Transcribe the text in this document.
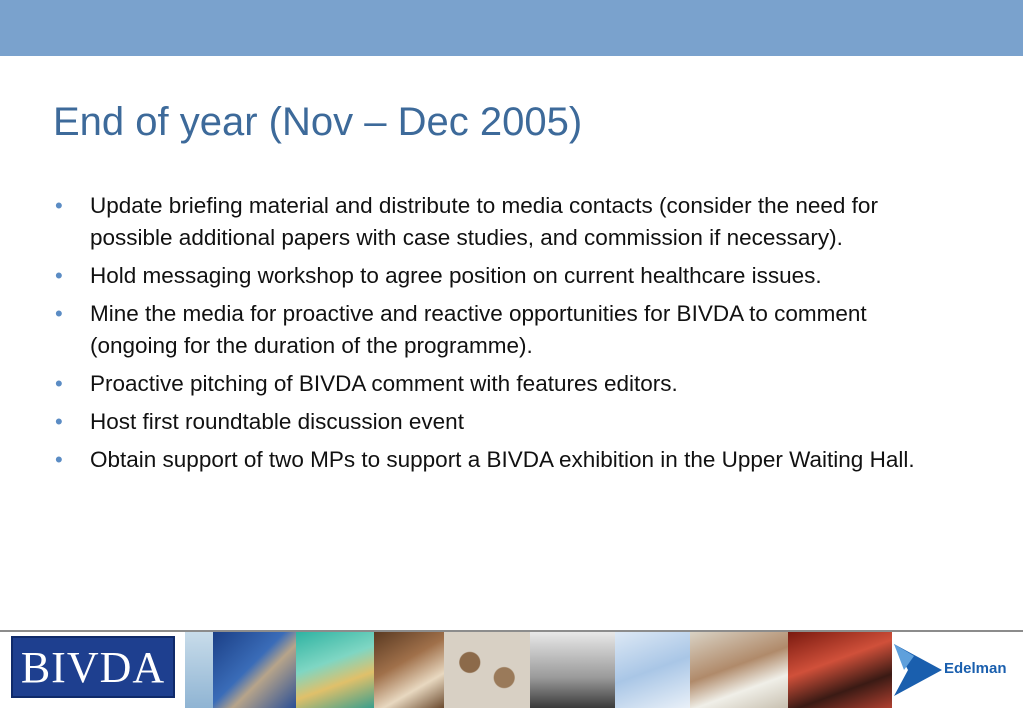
End of year (Nov – Dec 2005)
• Update briefing material and distribute to media contacts (consider the need for possible additional papers with case studies, and commission if necessary).
• Hold messaging workshop to agree position on current healthcare issues.
• Mine the media for proactive and reactive opportunities for BIVDA to comment (ongoing for the duration of the programme).
• Proactive pitching of BIVDA comment with features editors.
• Host first roundtable discussion event
• Obtain support of two MPs to support a BIVDA exhibition in the Upper Waiting Hall.
BIVDA	Edelman
